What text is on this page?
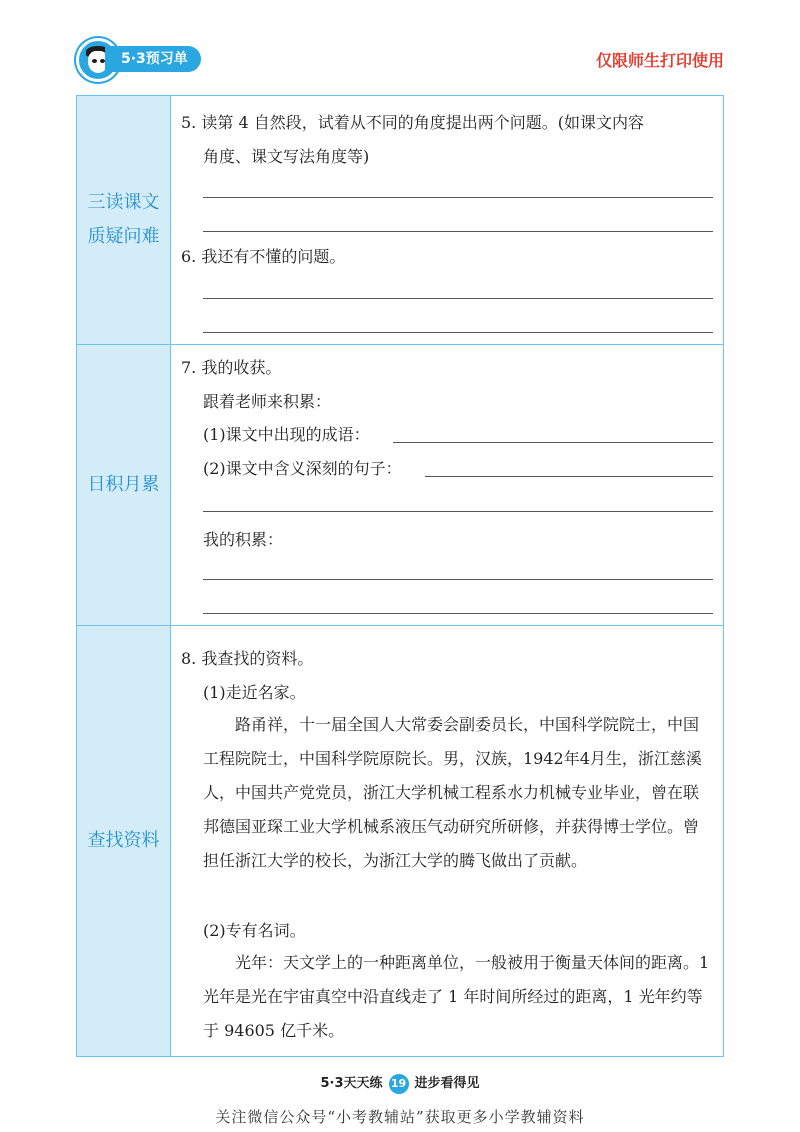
5·3预习单	仅限师生打印使用
三读课文
质疑问难
5. 读第 4 自然段，试着从不同的角度提出两个问题。(如课文内容
角度、课文写法角度等)
6. 我还有不懂的问题。
日积月累
7. 我的收获。
跟着老师来积累：
(1)课文中出现的成语：
(2)课文中含义深刻的句子：
我的积累：
查找资料
8. 我查找的资料。
(1)走近名家。
路甬祥，十一届全国人大常委会副委员长，中国科学院院士，中国工程院院士，中国科学院原院长。男，汉族，1942年4月生，浙江慈溪人，中国共产党党员，浙江大学机械工程系水力机械专业毕业，曾在联邦德国亚琛工业大学机械系液压气动研究所研修，并获得博士学位。曾担任浙江大学的校长，为浙江大学的腾飞做出了贡献。
(2)专有名词。
光年：天文学上的一种距离单位，一般被用于衡量天体间的距离。1 光年是光在宇宙真空中沿直线走了 1 年时间所经过的距离，1 光年约等于 94605 亿千米。
5·3天天练 19 进步看得见
关注微信公众号“小考教辅站”获取更多小学教辅资料
